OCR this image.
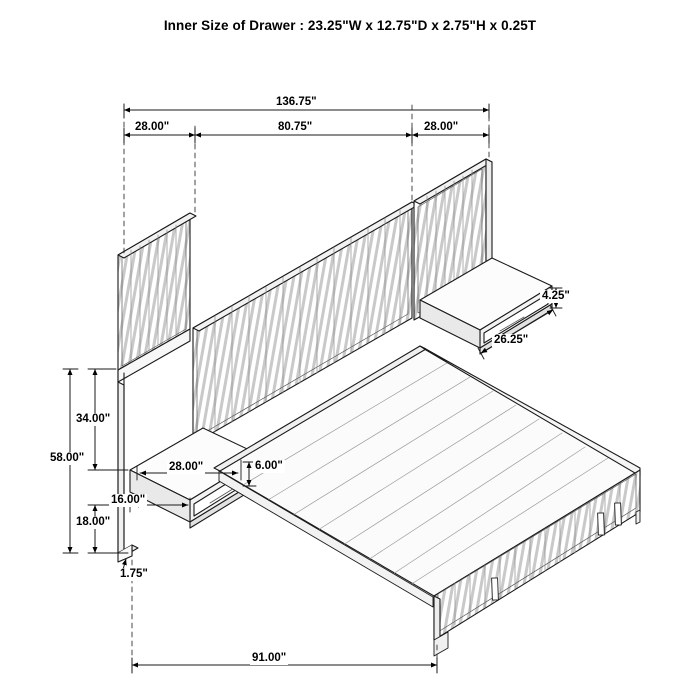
Inner Size of Drawer : 23.25"W x 12.75"D x 2.75"H x 0.25T
136.75"
28.00"	80.75"	28.00"
4.25"
26.25"
28.00"	6.00"
16.00"
34.00"
58.00"
18.00"
1.75"
91.00"
